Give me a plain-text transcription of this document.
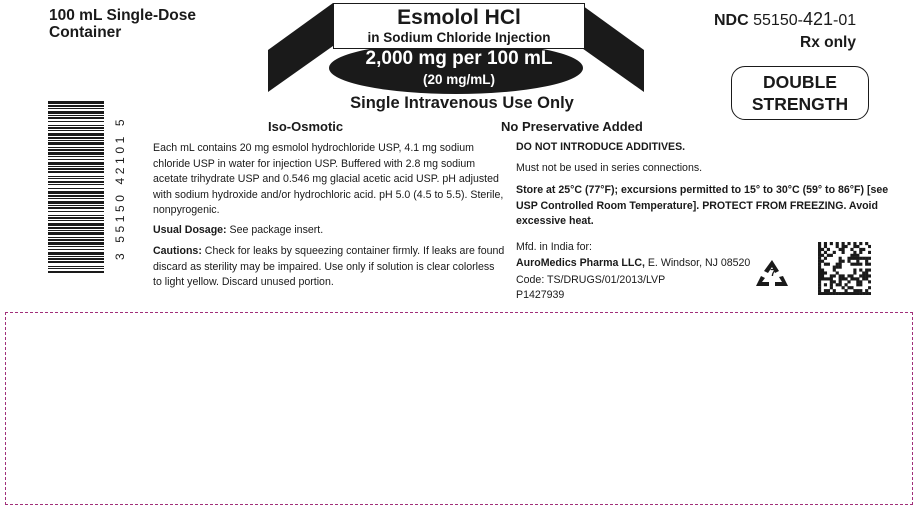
100 mL Single-Dose
Container
Esmolol HCl
in Sodium Chloride Injection
2,000 mg per 100 mL
(20 mg/mL)
Single Intravenous Use Only
NDC 55150-421-01
Rx only
DOUBLE
STRENGTH
Iso-Osmotic	No Preservative Added
Each mL contains 20 mg esmolol hydrochloride USP, 4.1 mg sodium chloride USP in water for injection USP. Buffered with 2.8 mg sodium acetate trihydrate USP and 0.546 mg glacial acetic acid USP. pH adjusted with sodium hydroxide and/or hydrochloric acid. pH 5.0 (4.5 to 5.5). Sterile, nonpyrogenic.
Usual Dosage: See package insert.
Cautions: Check for leaks by squeezing container firmly. If leaks are found discard as sterility may be impaired. Use only if solution is clear colorless to light yellow. Discard unused portion.
DO NOT INTRODUCE ADDITIVES.
Must not be used in series connections.
Store at 25°C (77°F); excursions permitted to 15° to 30°C (59° to 86°F) [see USP Controlled Room Temperature]. PROTECT FROM FREEZING. Avoid excessive heat.
Mfd. in India for:
AuroMedics Pharma LLC, E. Windsor, NJ 08520
Code: TS/DRUGS/01/2013/LVP
P1427939
3 55150 42101 5
7
